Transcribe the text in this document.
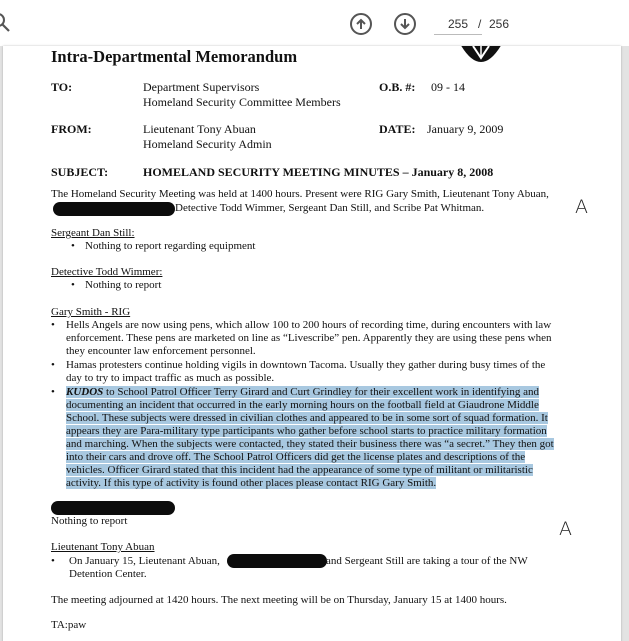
255 / 256
Intra-Departmental Memorandum
TO:	Department Supervisors
Homeland Security Committee Members
O.B. #: 09 - 14
FROM:	Lieutenant Tony Abuan
Homeland Security Admin
DATE: January 9, 2009
SUBJECT:	HOMELAND SECURITY MEETING MINUTES – January 8, 2008
The Homeland Security Meeting was held at 1400 hours. Present were RIG Gary Smith, Lieutenant Tony Abuan,
Detective Todd Wimmer, Sergeant Dan Still, and Scribe Pat Whitman.	A
Sergeant Dan Still:
• Nothing to report regarding equipment
Detective Todd Wimmer:
• Nothing to report
Gary Smith - RIG
• Hells Angels are now using pens, which allow 100 to 200 hours of recording time, during encounters with law
enforcement. These pens are marketed on line as “Livescribe” pen. Apparently they are using these pens when
they encounter law enforcement personnel.
• Hamas protesters continue holding vigils in downtown Tacoma. Usually they gather during busy times of the
day to try to impact traffic as much as possible.
• KUDOS to School Patrol Officer Terry Girard and Curt Grindley for their excellent work in identifying and
documenting an incident that occurred in the early morning hours on the football field at Giaudrone Middle
School. These subjects were dressed in civilian clothes and appeared to be in some sort of squad formation. It
appears they are Para-military type participants who gather before school starts to practice military formation
and marching. When the subjects were contacted, they stated their business there was “a secret.” They then got
into their cars and drove off. The School Patrol Officers did get the license plates and descriptions of the
vehicles. Officer Girard stated that this incident had the appearance of some type of militant or militaristic
activity. If this type of activity is found other places please contact RIG Gary Smith.
Nothing to report	A
Lieutenant Tony Abuan
• On January 15, Lieutenant Abuan,	and Sergeant Still are taking a tour of the NW
Detention Center.
The meeting adjourned at 1420 hours. The next meeting will be on Thursday, January 15 at 1400 hours.
TA:paw
